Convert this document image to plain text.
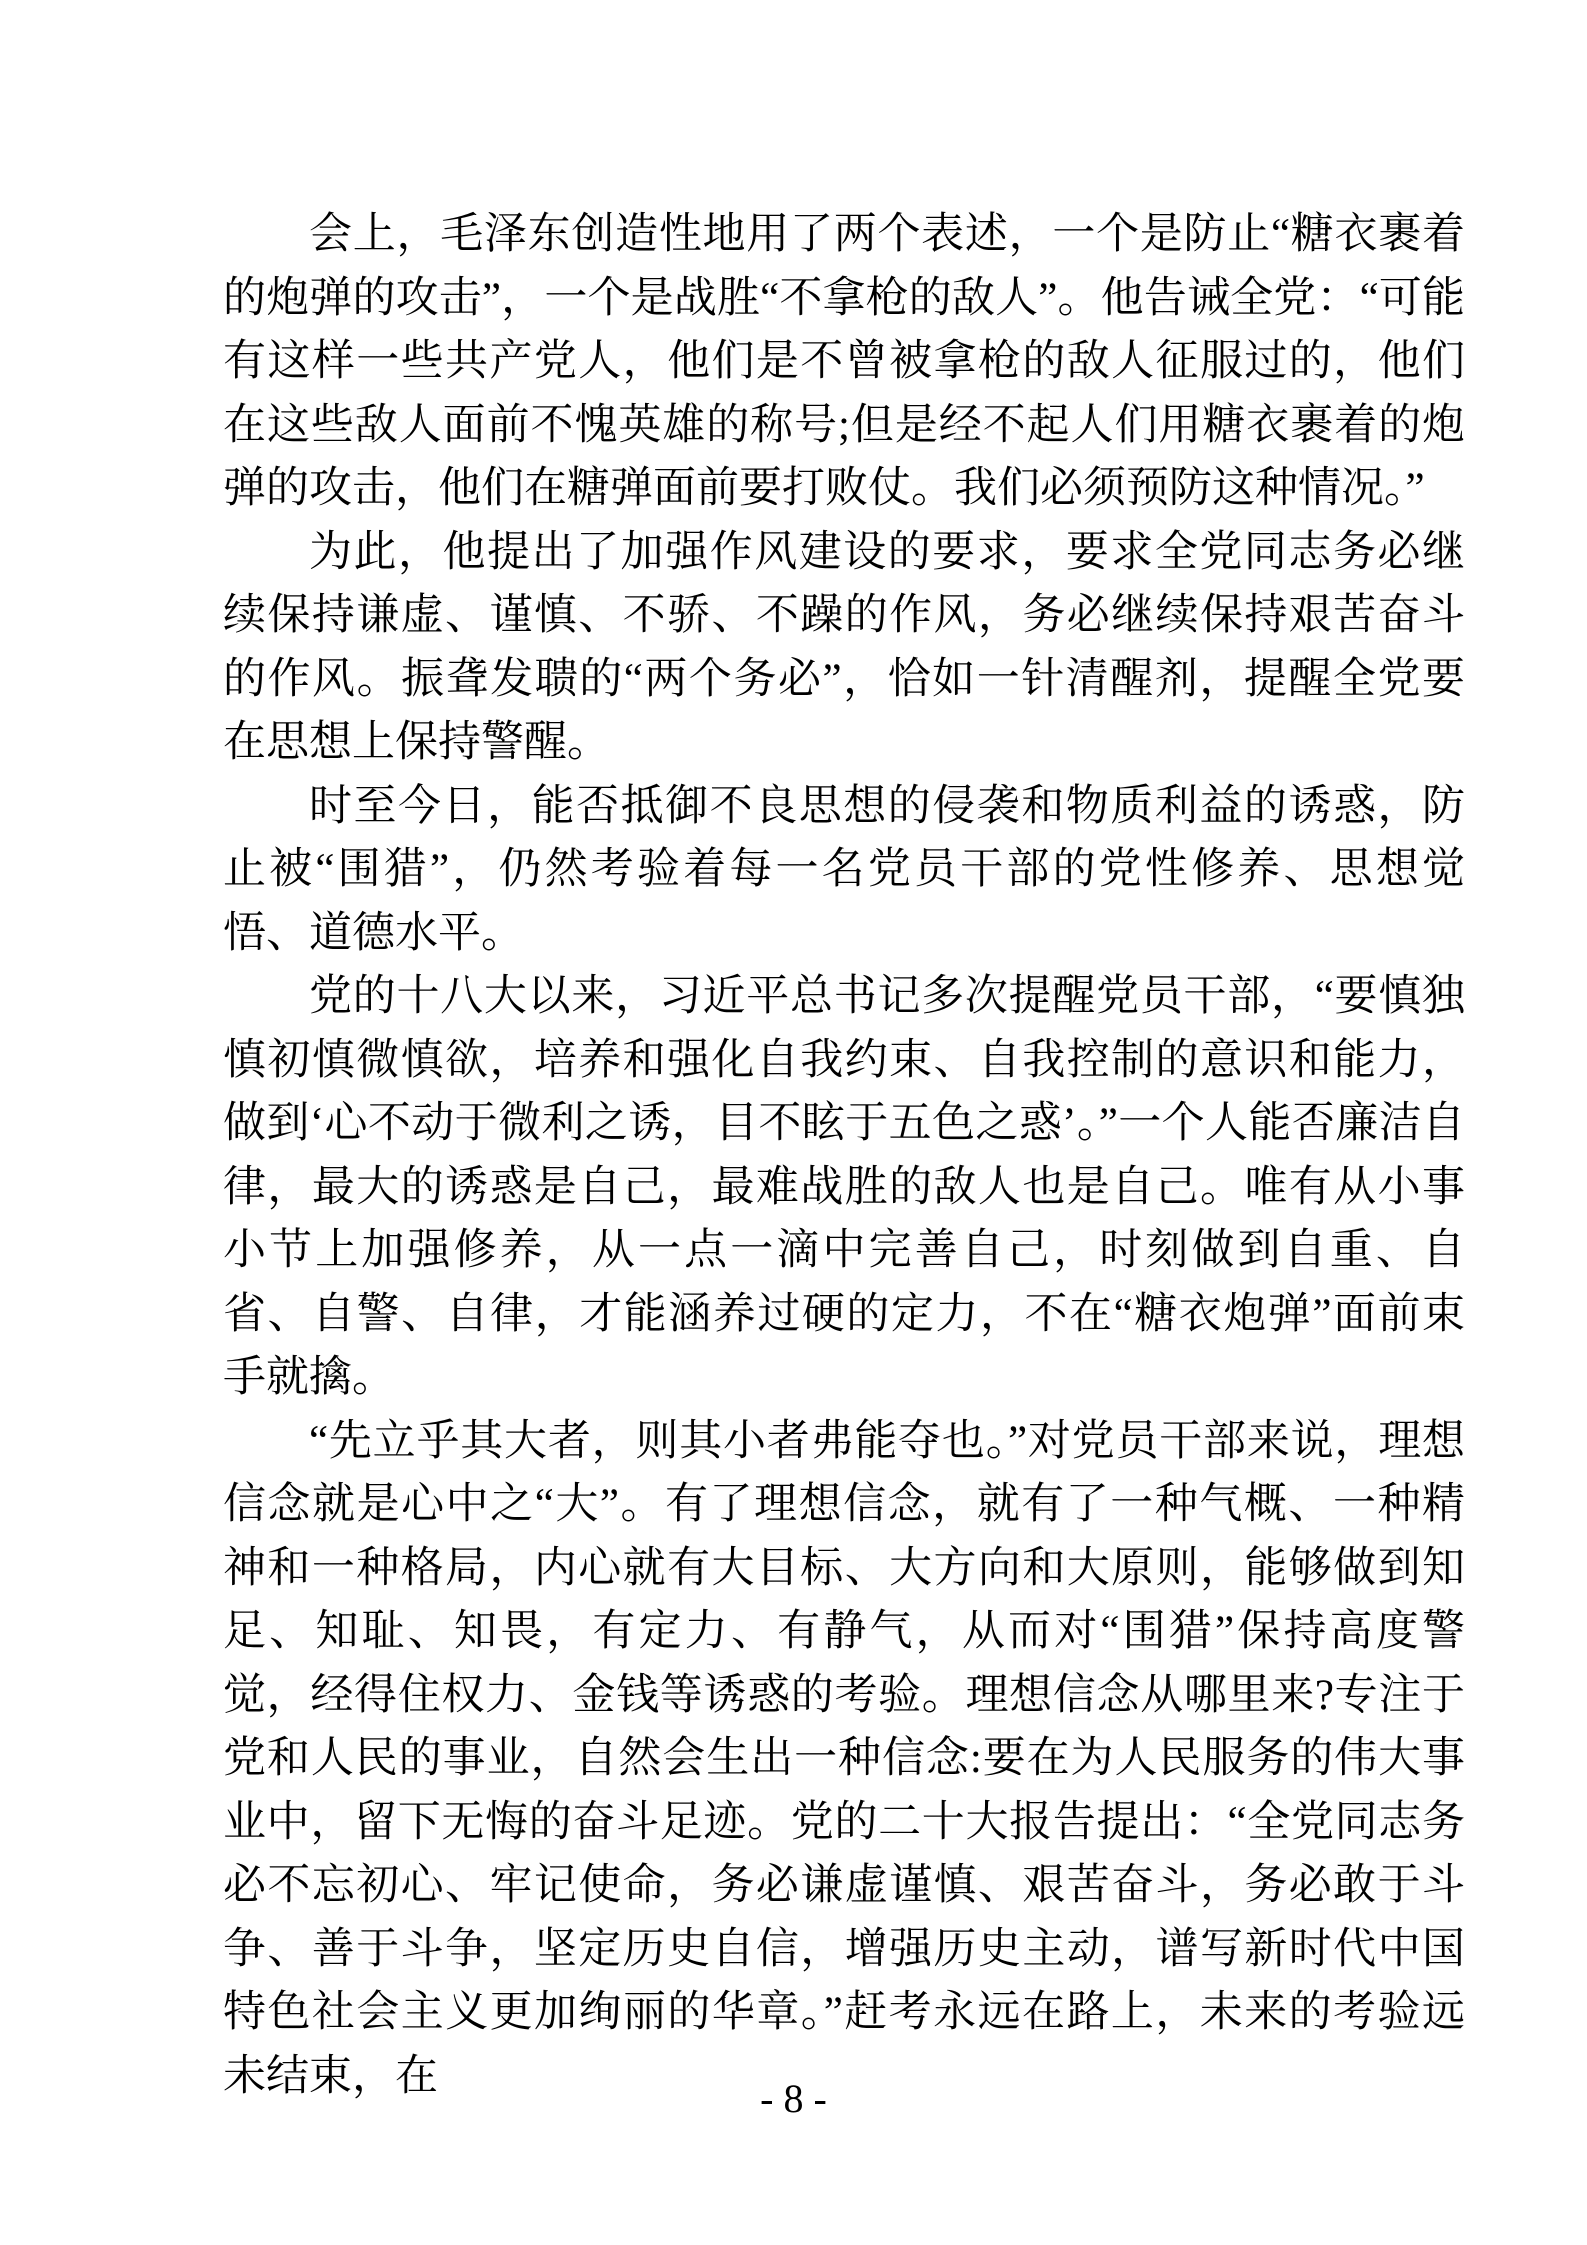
会上，毛泽东创造性地用了两个表述，一个是防止“糖衣裹着的炮弹的攻击”，一个是战胜“不拿枪的敌人”。他告诫全党：“可能有这样一些共产党人，他们是不曾被拿枪的敌人征服过的，他们在这些敌人面前不愧英雄的称号;但是经不起人们用糖衣裹着的炮弹的攻击，他们在糖弹面前要打败仗。我们必须预防这种情况。”

为此，他提出了加强作风建设的要求，要求全党同志务必继续保持谦虚、谨慎、不骄、不躁的作风，务必继续保持艰苦奋斗的作风。振聋发聩的“两个务必”，恰如一针清醒剂，提醒全党要在思想上保持警醒。

时至今日，能否抵御不良思想的侵袭和物质利益的诱惑，防止被“围猎”，仍然考验着每一名党员干部的党性修养、思想觉悟、道德水平。

党的十八大以来，习近平总书记多次提醒党员干部，“要慎独慎初慎微慎欲，培养和强化自我约束、自我控制的意识和能力，做到‘心不动于微利之诱，目不眩于五色之惑’。”一个人能否廉洁自律，最大的诱惑是自己，最难战胜的敌人也是自己。唯有从小事小节上加强修养，从一点一滴中完善自己，时刻做到自重、自省、自警、自律，才能涵养过硬的定力，不在“糖衣炮弹”面前束手就擒。

“先立乎其大者，则其小者弗能夺也。”对党员干部来说，理想信念就是心中之“大”。有了理想信念，就有了一种气概、一种精神和一种格局，内心就有大目标、大方向和大原则，能够做到知足、知耻、知畏，有定力、有静气，从而对“围猎”保持高度警觉，经得住权力、金钱等诱惑的考验。理想信念从哪里来?专注于党和人民的事业，自然会生出一种信念:要在为人民服务的伟大事业中，留下无悔的奋斗足迹。党的二十大报告提出：“全党同志务必不忘初心、牢记使命，务必谦虚谨慎、艰苦奋斗，务必敢于斗争、善于斗争，坚定历史自信，增强历史主动，谱写新时代中国特色社会主义更加绚丽的华章。”赶考永远在路上，未来的考验远未结束，在	- 8 -
